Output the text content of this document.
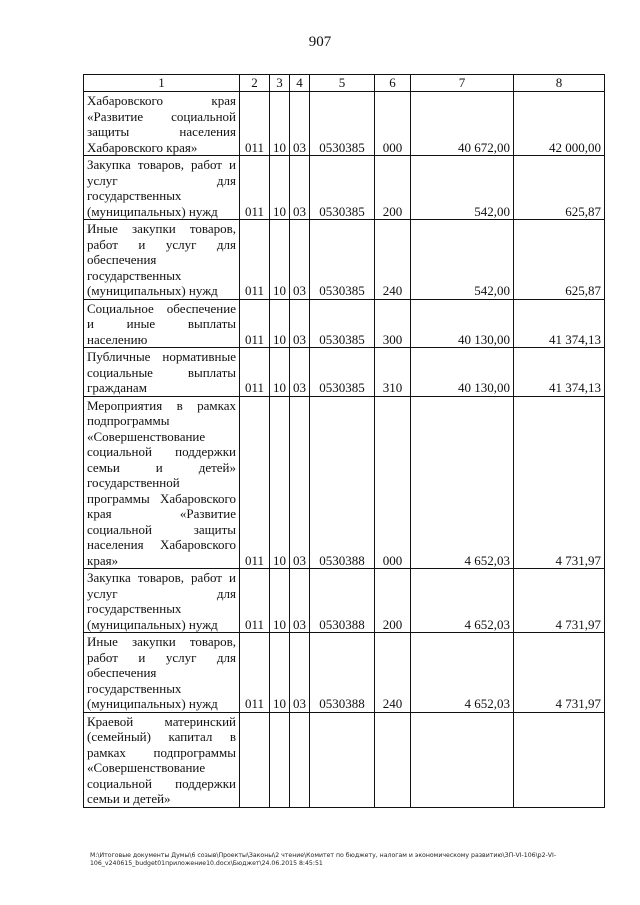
907
1	2	3	4	5	6	7	8
Хабаровского края «Развитие социальной защиты населения Хабаровского края»	011	10	03	0530385	000	40 672,00	42 000,00
Закупка товаров, работ и услуг для государственных (муниципальных) нужд	011	10	03	0530385	200	542,00	625,87
Иные закупки товаров, работ и услуг для обеспечения государственных (муниципальных) нужд	011	10	03	0530385	240	542,00	625,87
Социальное обеспечение и иные выплаты населению	011	10	03	0530385	300	40 130,00	41 374,13
Публичные нормативные социальные выплаты гражданам	011	10	03	0530385	310	40 130,00	41 374,13
Мероприятия в рамках подпрограммы «Совершенствование социальной поддержки семьи и детей» государственной программы Хабаровского края «Развитие социальной защиты населения Хабаровского края»	011	10	03	0530388	000	4 652,03	4 731,97
Закупка товаров, работ и услуг для государственных (муниципальных) нужд	011	10	03	0530388	200	4 652,03	4 731,97
Иные закупки товаров, работ и услуг для обеспечения государственных (муниципальных) нужд	011	10	03	0530388	240	4 652,03	4 731,97
Краевой материнский (семейный) капитал в рамках подпрограммы «Совершенствование социальной поддержки семьи и детей»							
M:\Итоговые документы Думы\6 созыв\Проекты\Законы\2 чтение\Комитет по бюджету, налогам и экономическому развитию\ЗП-VI-106\р2-VI-106_v240615_budget01приложение10.docx\Бюджет\24.06.2015 8:45:51
